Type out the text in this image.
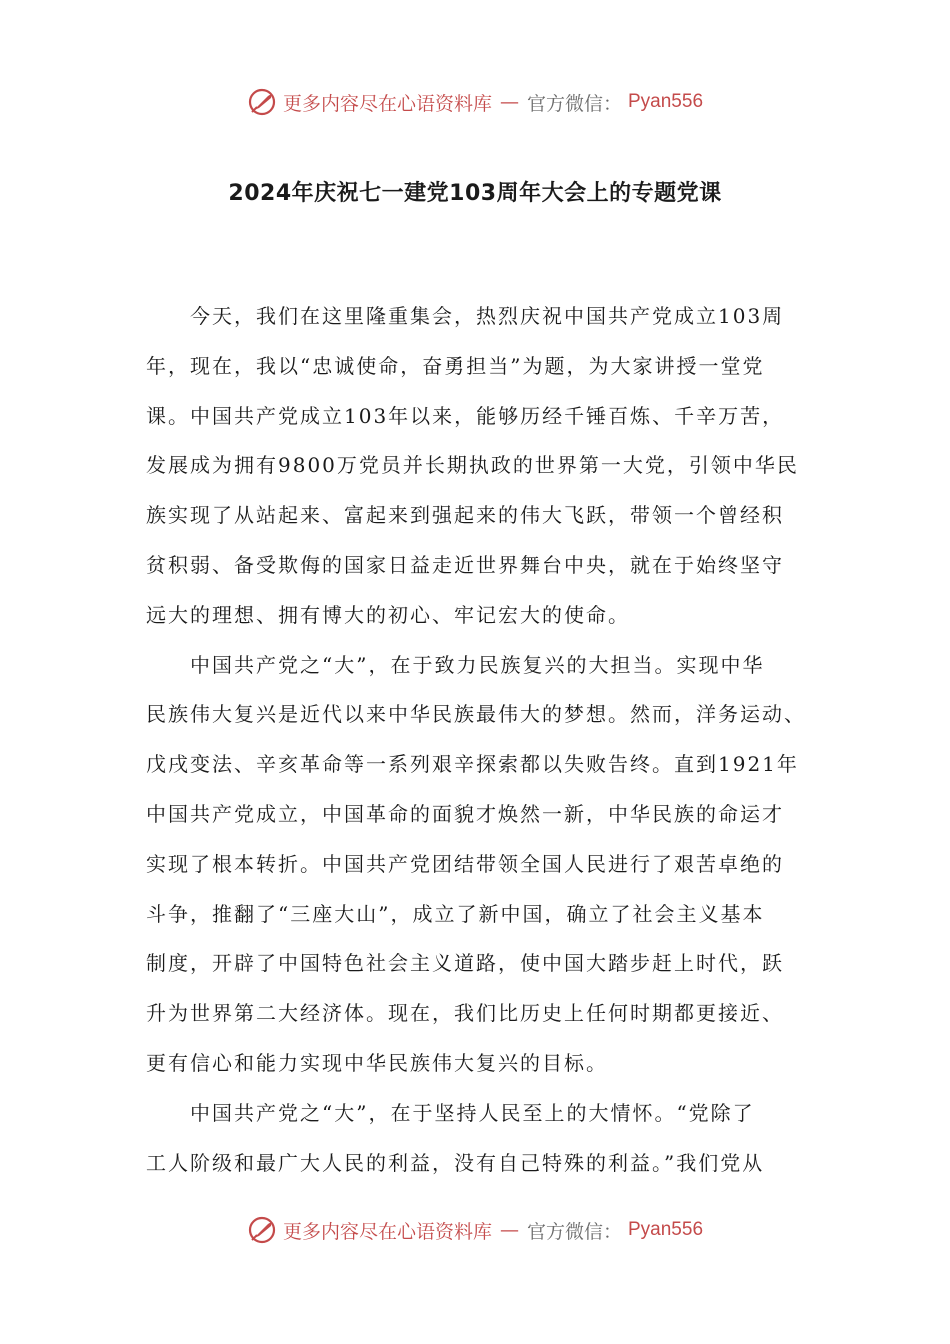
更多内容尽在心语资料库 — 官方微信： Pyan556
2024年庆祝七一建党103周年大会上的专题党课
今天，我们在这里隆重集会，热烈庆祝中国共产党成立103周
年，现在，我以“忠诚使命，奋勇担当”为题，为大家讲授一堂党
课。中国共产党成立103年以来，能够历经千锤百炼、千辛万苦，
发展成为拥有9800万党员并长期执政的世界第一大党，引领中华民
族实现了从站起来、富起来到强起来的伟大飞跃，带领一个曾经积
贫积弱、备受欺侮的国家日益走近世界舞台中央，就在于始终坚守
远大的理想、拥有博大的初心、牢记宏大的使命。
中国共产党之“大”，在于致力民族复兴的大担当。实现中华
民族伟大复兴是近代以来中华民族最伟大的梦想。然而，洋务运动、
戊戌变法、辛亥革命等一系列艰辛探索都以失败告终。直到1921年
中国共产党成立，中国革命的面貌才焕然一新，中华民族的命运才
实现了根本转折。中国共产党团结带领全国人民进行了艰苦卓绝的
斗争，推翻了“三座大山”，成立了新中国，确立了社会主义基本
制度，开辟了中国特色社会主义道路，使中国大踏步赶上时代，跃
升为世界第二大经济体。现在，我们比历史上任何时期都更接近、
更有信心和能力实现中华民族伟大复兴的目标。
中国共产党之“大”，在于坚持人民至上的大情怀。“党除了
工人阶级和最广大人民的利益，没有自己特殊的利益。”我们党从
更多内容尽在心语资料库 — 官方微信： Pyan556
